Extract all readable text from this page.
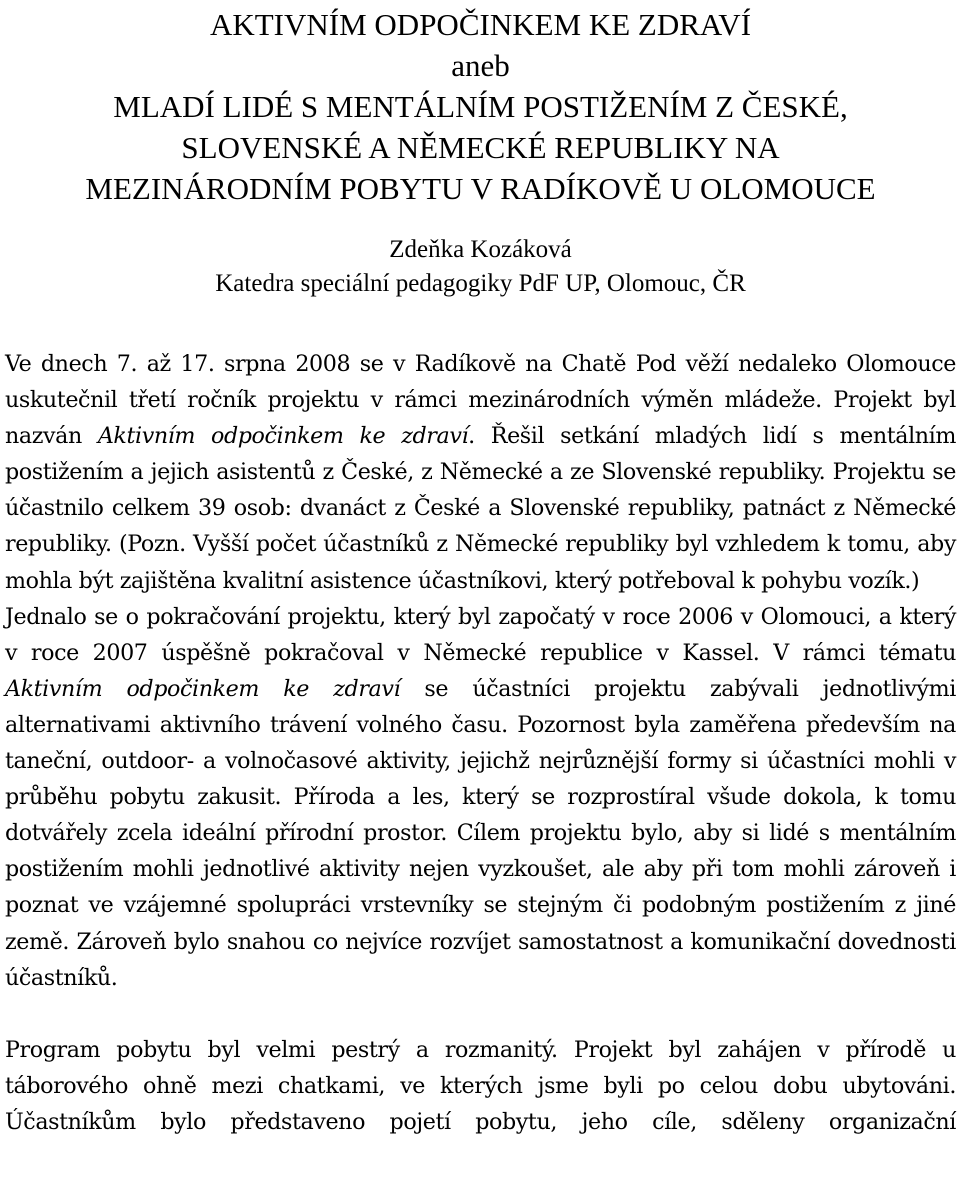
AKTIVNÍM ODPOČINKEM KE ZDRAVÍ
aneb
MLADÍ LIDÉ S MENTÁLNÍM POSTIŽENÍM Z ČESKÉ,
SLOVENSKÉ A NĚMECKÉ REPUBLIKY NA
MEZINÁRODNÍM POBYTU V RADÍKOVĚ U OLOMOUCE
Zdeňka Kozáková
Katedra speciální pedagogiky PdF UP, Olomouc, ČR

Ve dnech 7. až 17. srpna 2008 se v Radíkově na Chatě Pod věží nedaleko Olomouce uskutečnil třetí ročník projektu v rámci mezinárodních výměn mládeže. Projekt byl nazván Aktivním odpočinkem ke zdraví. Řešil setkání mladých lidí s mentálním postižením a jejich asistentů z České, z Německé a ze Slovenské republiky. Projektu se účastnilo celkem 39 osob: dvanáct z České a Slovenské republiky, patnáct z Německé republiky. (Pozn. Vyšší počet účastníků z Německé republiky byl vzhledem k tomu, aby mohla být zajištěna kvalitní asistence účastníkovi, který potřeboval k pohybu vozík.)

Jednalo se o pokračování projektu, který byl započatý v roce 2006 v Olomouci, a který v roce 2007 úspěšně pokračoval v Německé republice v Kassel. V rámci tématu Aktivním odpočinkem ke zdraví se účastníci projektu zabývali jednotlivými alternativami aktivního trávení volného času. Pozornost byla zaměřena především na taneční, outdoor- a volnočasové aktivity, jejichž nejrůznější formy si účastníci mohli v průběhu pobytu zakusit. Příroda a les, který se rozprostíral všude dokola, k tomu dotvářely zcela ideální přírodní prostor. Cílem projektu bylo, aby si lidé s mentálním postižením mohli jednotlivé aktivity nejen vyzkoušet, ale aby při tom mohli zároveň i poznat ve vzájemné spolupráci vrstevníky se stejným či podobným postižením z jiné země. Zároveň bylo snahou co nejvíce rozvíjet samostatnost a komunikační dovednosti účastníků.

Program pobytu byl velmi pestrý a rozmanitý. Projekt byl zahájen v přírodě u táborového ohně mezi chatkami, ve kterých jsme byli po celou dobu ubytováni. Účastníkům bylo představeno pojetí pobytu, jeho cíle, sděleny organizační
